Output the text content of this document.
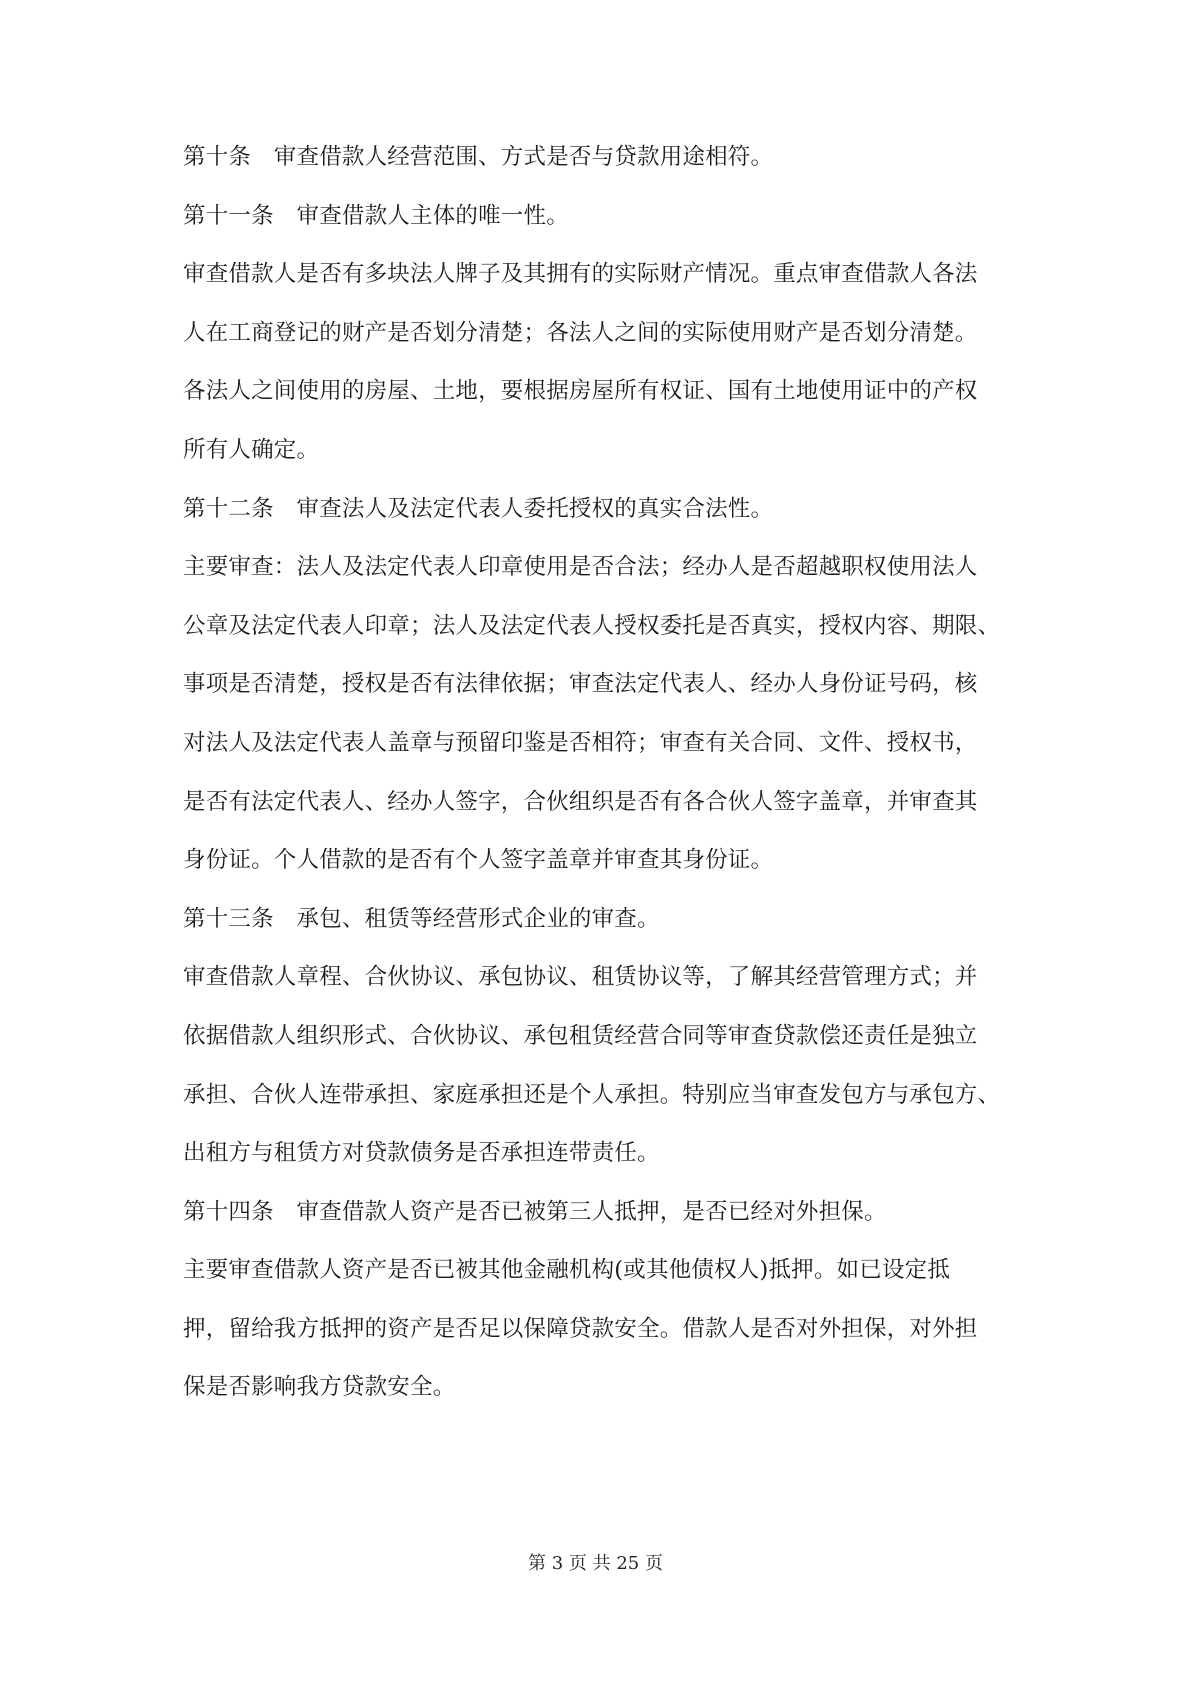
第十条　审查借款人经营范围、方式是否与贷款用途相符。
第十一条　审查借款人主体的唯一性。
审查借款人是否有多块法人牌子及其拥有的实际财产情况。重点审查借款人各法
人在工商登记的财产是否划分清楚；各法人之间的实际使用财产是否划分清楚。
各法人之间使用的房屋、土地，要根据房屋所有权证、国有土地使用证中的产权
所有人确定。
第十二条　审查法人及法定代表人委托授权的真实合法性。
主要审查：法人及法定代表人印章使用是否合法；经办人是否超越职权使用法人
公章及法定代表人印章；法人及法定代表人授权委托是否真实，授权内容、期限、
事项是否清楚，授权是否有法律依据；审查法定代表人、经办人身份证号码，核
对法人及法定代表人盖章与预留印鉴是否相符；审查有关合同、文件、授权书，
是否有法定代表人、经办人签字，合伙组织是否有各合伙人签字盖章，并审查其
身份证。个人借款的是否有个人签字盖章并审查其身份证。
第十三条　承包、租赁等经营形式企业的审查。
审查借款人章程、合伙协议、承包协议、租赁协议等，了解其经营管理方式；并
依据借款人组织形式、合伙协议、承包租赁经营合同等审查贷款偿还责任是独立
承担、合伙人连带承担、家庭承担还是个人承担。特别应当审查发包方与承包方、
出租方与租赁方对贷款债务是否承担连带责任。
第十四条　审查借款人资产是否已被第三人抵押，是否已经对外担保。
主要审查借款人资产是否已被其他金融机构(或其他债权人)抵押。如已设定抵
押，留给我方抵押的资产是否足以保障贷款安全。借款人是否对外担保，对外担
保是否影响我方贷款安全。
第 3 页 共 25 页
